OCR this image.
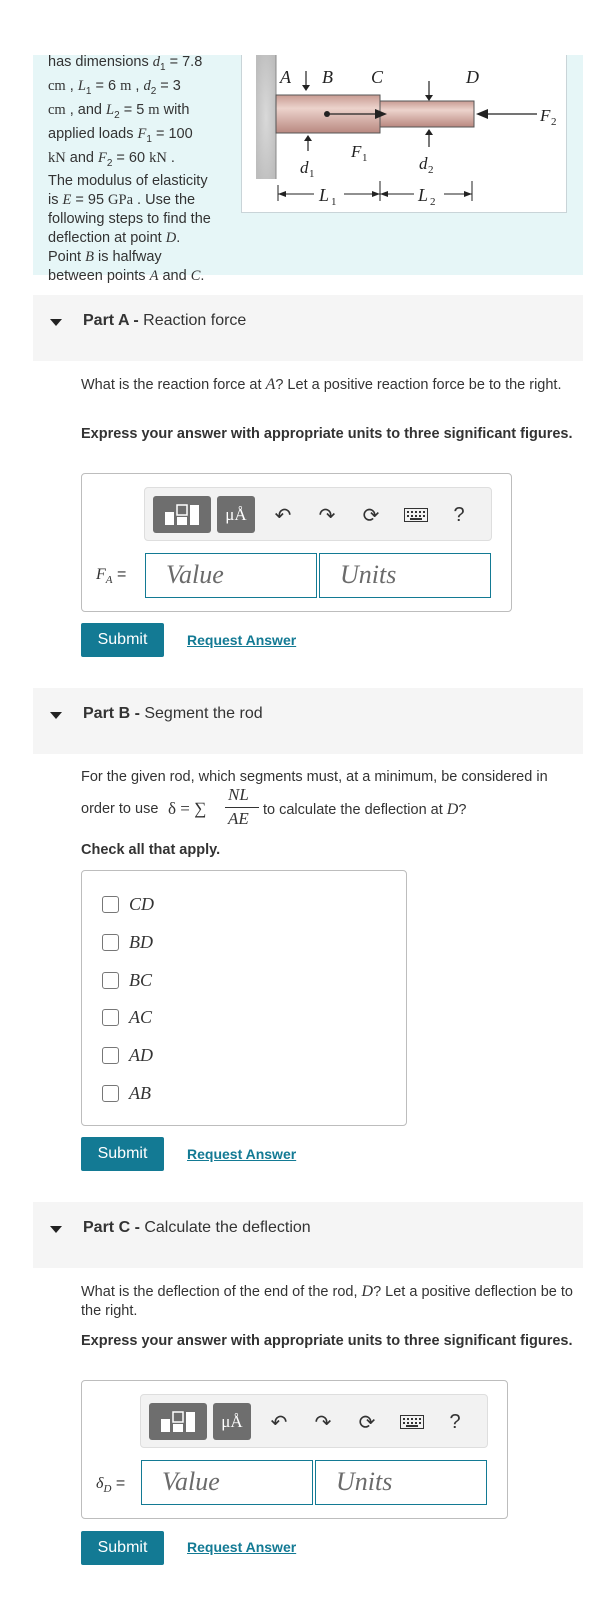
has dimensions $d_1 = 7.8$
cm , $L_1 = 6$ m , $d_2 = 3$
cm , and $L_2 = 5$ m with
applied loads $F_1 = 100$
kN and $F_2 = 60$ kN .
The modulus of elasticity
is E = 95 GPa . Use the
following steps to find the
deflection at point D.
Point B is halfway
between points A and C.
A B C	D
F 2
F 1
d 1
d 2
L 1	L 2
Part A - Reaction force
What is the reaction force at A? Let a positive reaction force be to the right.
Express your answer with appropriate units to three significant figures.
μÅ	↶ ↷ ⟳	?
$F_A$ = Value	Units
Submit	Request Answer
Part B - Segment the rod
For the given rod, which segments must, at a minimum, be considered in
order to use δ = ∑
NL
AE to calculate the deflection at D?
Check all that apply.
CD
BD
BC
AC
AD
AB
Submit	Request Answer
Part C - Calculate the deflection
What is the deflection of the end of the rod, D? Let a positive deflection be to the right.
Express your answer with appropriate units to three significant figures.
μÅ	↶ ↷ ⟳	?
$\delta_D$ = Value	Units
Submit	Request Answer
